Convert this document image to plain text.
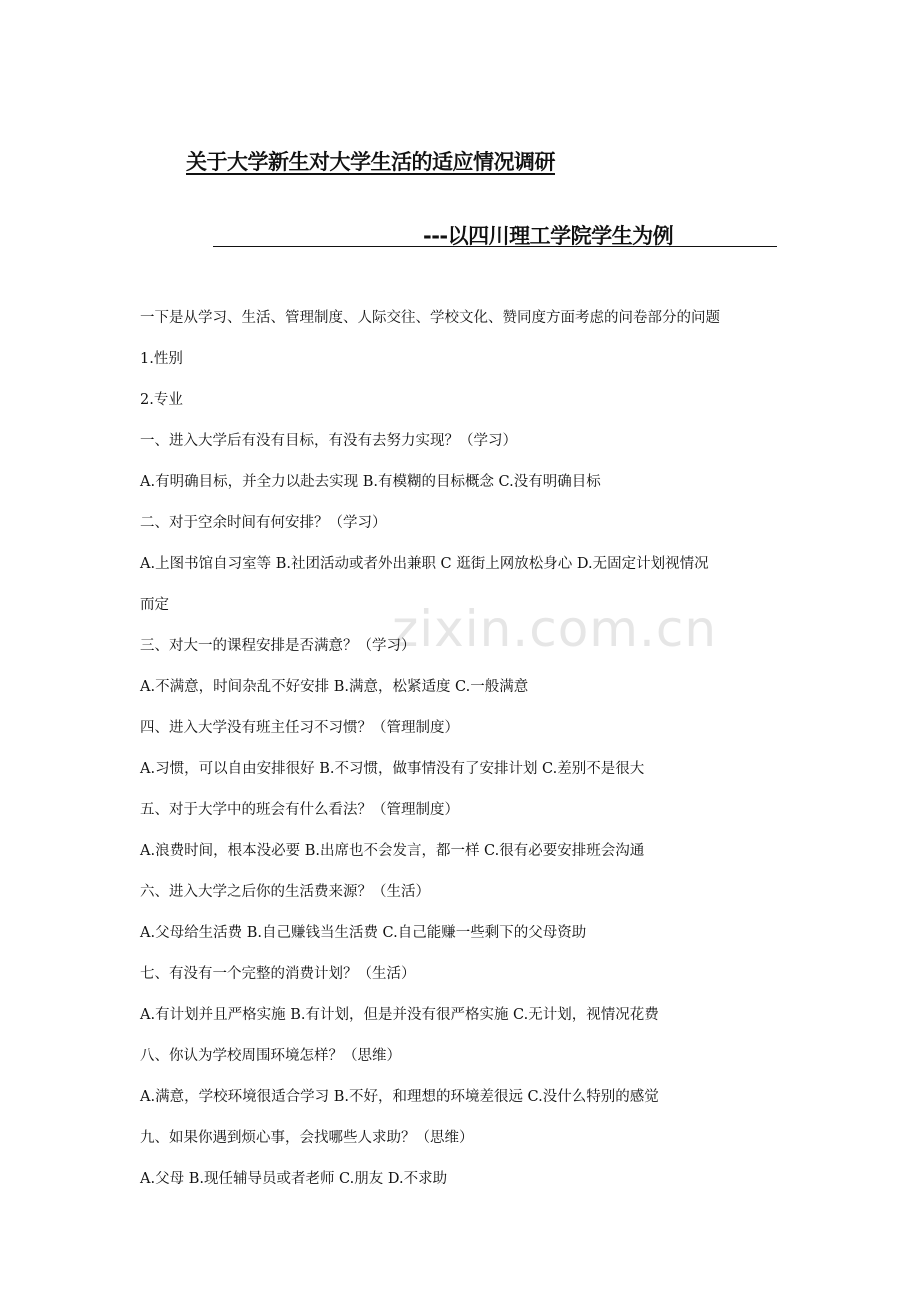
关于大学新生对大学生活的适应情况调研
---以四川理工学院学生为例
zixin.com.cn
一下是从学习、生活、管理制度、人际交往、学校文化、赞同度方面考虑的问卷部分的问题
1.性别
2.专业
一、进入大学后有没有目标，有没有去努力实现？（学习）
A.有明确目标，并全力以赴去实现 B.有模糊的目标概念 C.没有明确目标
二、对于空余时间有何安排？（学习）
A.上图书馆自习室等 B.社团活动或者外出兼职 C 逛街上网放松身心 D.无固定计划视情况
而定
三、对大一的课程安排是否满意？（学习）
A.不满意，时间杂乱不好安排 B.满意，松紧适度 C.一般满意
四、进入大学没有班主任习不习惯？（管理制度）
A.习惯，可以自由安排很好 B.不习惯，做事情没有了安排计划 C.差别不是很大
五、对于大学中的班会有什么看法？（管理制度）
A.浪费时间，根本没必要 B.出席也不会发言，都一样 C.很有必要安排班会沟通
六、进入大学之后你的生活费来源？（生活）
A.父母给生活费 B.自己赚钱当生活费 C.自己能赚一些剩下的父母资助
七、有没有一个完整的消费计划？（生活）
A.有计划并且严格实施 B.有计划，但是并没有很严格实施 C.无计划，视情况花费
八、你认为学校周围环境怎样？（思维）
A.满意，学校环境很适合学习 B.不好，和理想的环境差很远 C.没什么特别的感觉
九、如果你遇到烦心事，会找哪些人求助？（思维）
A.父母 B.现任辅导员或者老师 C.朋友 D.不求助
